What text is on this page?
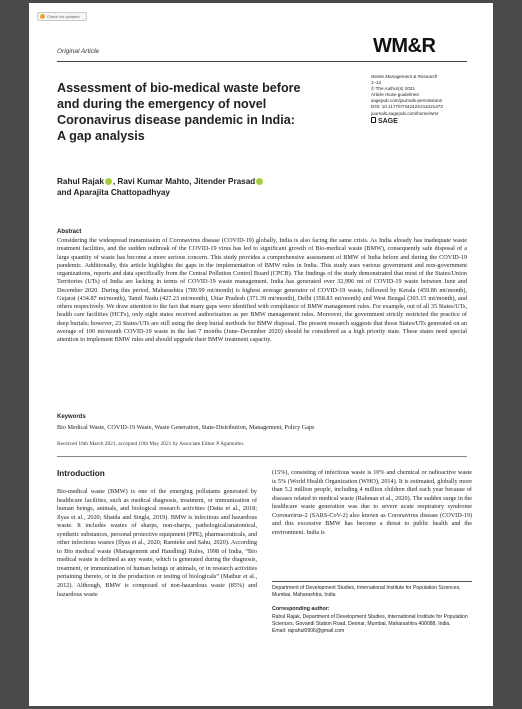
Check for updates
Original Article	WM&R
Waste Management & Research
1–12
© The Author(s) 2021
Article reuse guidelines:
sagepub.com/journals-permissions
DOI: 10.1177/0734242X211021473
journals.sagepub.com/home/wmr
SAGE
Assessment of bio-medical waste before
and during the emergency of novel
Coronavirus disease pandemic in India:
A gap analysis
Rahul Rajak , Ravi Kumar Mahto, Jitender Prasad
and Aparajita Chattopadhyay
Abstract
Considering the widespread transmission of Coronavirus disease (COVID-19) globally, India is also facing the same crisis. As India already has inadequate waste treatment facilities, and the sudden outbreak of the COVID-19 virus has led to significant growth of Bio-medical waste (BMW), consequently safe disposal of a large quantity of waste has become a more serious concern. This study provides a comprehensive assessment of BMW of India before and during the COVID-19 pandemic. Additionally, this article highlights the gaps in the implementation of BMW rules in India. This study uses various government and non-government organizations, reports and data specifically from the Central Pollution Control Board (CPCB). The findings of the study demonstrated that most of the States/Union Territories (UTs) of India are lacking in terms of COVID-19 waste management. India has generated over 32,996 mt of COVID-19 waste between June and December 2020. During this period, Maharashtra (789.99 mt/month) is highest average generator of COVID-19 waste, followed by Kerala (459.86 mt/month), Gujarat (434.87 mt/month), Tamil Nadu (427.23 mt/month), Uttar Pradesh (371.39 mt/month), Delhi (358.83 mt/month) and West Bengal (303.15 mt/month), and others respectively. We draw attention to the fact that many gaps were identified with compliance of BMW management rules. For example, out of all 35 States/UTs, health care facilities (HCFs), only eight states received authorization as per BMW management rules. Moreover, the government strictly restricted the practice of deep burials; however, 23 States/UTs are still using the deep burial methods for BMW disposal. The present research suggests that those States/UTs generated on an average of 100 mt/month COVID-19 waste in the last 7 months (June–December 2020) should be considered as a high priority state. These states need special attention to implement BMW rules and should upgrade their BMW treatment capacity.
Keywords
Bio Medical Waste, COVID-19 Waste, Waste Generation, State-Distribution, Management, Policy Gaps
Received 16th March 2021, accepted 10th May 2021 by Associate Editor P Agamuthu.
Introduction
Bio-medical waste (BMW) is one of the emerging pollutants generated by healthcare facilities, such as medical diagnosis, treatment, or immunization of human beings, animals, and biological research activities (Datta et al., 2018; Ilyas et al., 2020; Shaida and Singla, 2019). BMW is infectious and hazardous waste. It includes wastes of sharps, non-sharps, pathological/anatomical, synthetic substances, personal protective equipment (PPE), pharmaceuticals, and other infectious wastes (Ilyas et al., 2020; Ramteke and Sahu, 2020). According to Bio medical waste (Management and Handling) Rules, 1998 of India, “Bio medical waste is defined as any waste, which is generated during the diagnosis, treatment, or immunization of human beings or animals, or in research activities pertaining thereto, or in the production or testing of biologicals” (Mathur et al., 2012). Although, BMW is composed of non-hazardous waste (85%) and hazardous waste
(15%), consisting of infectious waste is 10% and chemical or radioactive waste is 5% (World Health Organization (WHO), 2014). It is estimated, globally more than 5.2 million people, including 4 million children died each year because of diseases related to medical waste (Rahman et al., 2020). The sudden surge in the healthcare waste generation was due to severe acute respiratory syndrome Coronavirus-2 (SARS-CoV-2) also known as Coronavirus disease (COVID-19) and this excessive BMW has become a threat to public health and the environment. India is
Department of Development Studies, International Institute for Population Sciences, Mumbai, Maharashtra, India
Corresponding author:
Rahul Rajak, Department of Development Studies, International Institute for Population Sciences, Govandi Station Road, Deonar, Mumbai, Maharashtra 400088, India.
Email: rajrahul0906@gmail.com
